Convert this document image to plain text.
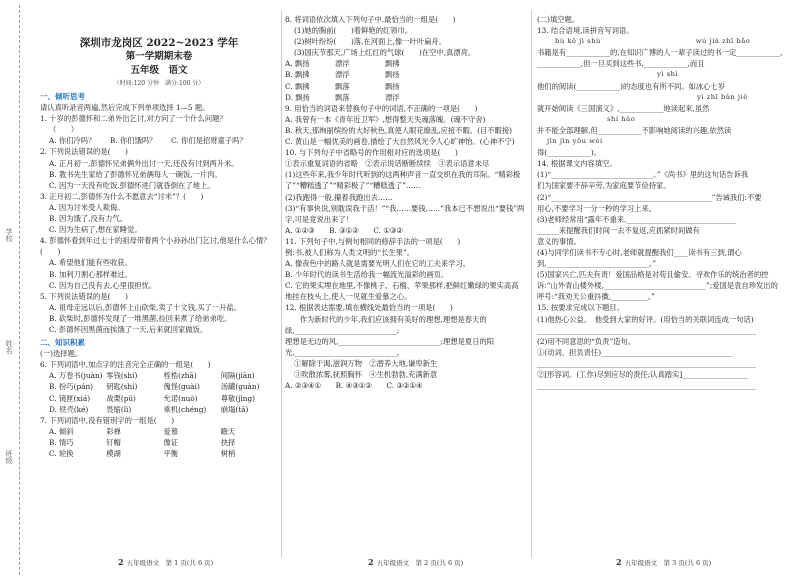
学校
姓名
班级
深圳市龙岗区 2022~2023 学年
第一学期期末卷
五年级　语文
（时间:120 分钟　满分:100 分）
一、倾听思考
请认真听录音两遍,然后完成下列单项选择 1—5 题。
1. 十岁的彭德怀和二弟外出乞讨,对方问了一个什么问题？
（　　）
A. 你们冷吗？　　B. 你们饿吗？　　C. 你们是招财童子吗？
2. 下列说法错误的是(　　)
A. 正月初一,彭德怀兄弟俩外出讨一天,还没有讨到两升米。
B. 教书先生家给了彭德怀兄弟俩每人一碗饭,一片肉。
C. 因为一天没有吃饭,彭德怀进门就昏倒在了地上。
3. 正月初二,彭德怀为什么不愿意去“讨米”？(　　)
A. 因为讨米受人欺侮。
B. 因为饿了,没有力气。
C. 因为生病了,想在家睡觉。
4. 彭德怀看到年过七十的祖母带着两个小孙孙出门乞讨,他是什么心情？(　　)
A. 希望他们能有些收获。
B. 加利刀割心那样难过。
C. 因为自己没有去,心里很担忧。
5. 下列说法错误的是(　　)
A. 祖母走远以后,彭德怀上山砍柴,卖了十文钱,买了一升盐。
B. 砍柴时,彭德怀发现了一堆黑菌,捡回来煮了给弟弟吃。
C. 彭德怀因黑菌而挨饿了一天,后来就回家做饭。
二、知识积累
(一)选择题。
6. 下列词语中,加点字的注音完全正确的一组是(　　)
A. 万卷书(juàn) 零钱(shí)	桎梏(zhā)	间隔(jiān)
B. 扮巧(pán)	钥匙(shi)	傀怪(guài)	汤罐(guàn)
C. 镜匣(xiá)	战栗(pǔ)	允诺(nuò)	尊敬(jìng)
D. 铁壳(ké)	畏缩(lì)	乘机(chéng)	崩塌(tā)
7. 下列词语中,没有错别字的一组是(　　)
A. 倾斜	彩禅	爱慕	瞻天
B. 情巧	钉帽	像证	抉择
C. 轮换	模湖	平衡	树梢
2 五年级语文　第 1 页(共 6 页)
8. 将词语依次填入下列句子中,最恰当的一组是(　　)
(1)她的胸前(　　)着鲜艳的红领巾。
(2)树叶纷纷(　　)落,在河面上,像一叶叶扁舟。
(3)国庆节那天,广场上红红的气球(　　)在空中,真漂亮。
A. 飘扬	漂浮	飘拂
B. 飘拂	漂浮	飘扬
C. 飘拂	飘落	飘扬
D. 飘扬	飘落	漂浮
9. 用恰当的词语来替换句子中的词语,不正确的一项是(　　)
A. 我曾有一本《青年近卫军》,想得整天失魂落魄。(魂不守舍)
B. 秋天,那绚丽缤纷的大好秋色,真使人眼花缭乱,应接不暇。(目不暇接)
C. 黄山是一幅优美的画卷,描绘了大自然风光令人心旷神怡。(心神不宁)
10. 与下列句子中省略号的作用相对应的选项是(　　)
①表示重复词语的省略　②表示说话断断续续　③表示语意未尽
(1)这些年来,我少年时代听到的这两种声音一直交织在我的耳际。“精彩极了”“糟糕透了”“精彩极了”“糟糕透了”……
(2)我跑得一般,攥着我跑出去……
(3)“有事快说,别耽误我干活！”“我……要钱……”我本已不想说出“要钱”两字,可是竟说出来了！
A. ①②③　　B. ③①②　　C. ①③②
11. 下列句子中,与例句相同的修辞手法的一项是(　　)
例:书,被人们称为人类文明的“长生果”。
A. 像夜色中的路人就是需要光明人们在它的工夫来学习。
B. 少年时代的读书生活给我一幅流光溢彩的画页。
C. 它的果实埋在地里,不像桃子、石榴、苹果那样,把鲜红嫩绿的果实高高地挂在枝头上,使人一见就生爱慕之心。
12. 根据表达需要,填在横线处最恰当的一项是(　　)
　　作为新时代的少年,我们应该拥有美好的理想,理想是春天的绿,____________________________;
理想是无边的风,____________________________;理想是夏日的阳光,____________________________。
①解除干渴,滋润万物　②潜养大地,谦卑新生
③吹散浓雾,抚照胸怀　④生机勃勃,充满新意
A. ②③④①　　B. ④③①②　　C. ③②①④
2 五年级语文　第 2 页(共 6 页)
(二)填空题。
13. 结合语境,读拼音写词语。
bù kě jì shù　　　　　　　　　　　　　wú jià zhī bǎo
书籍是有____________的,在知识广博的人一辈子读过的书一定____________,
____________,但一旦买到这些书,____________,而且
yì shì
他们的阅读(____________)的态度也有所不同。如冰心七岁
yì zhī bàn jiě
就开始阅读《三国演义》,____________地读起来,虽然
shí hào
并不能全部理解,但____________不影响她阅读的兴趣,依然读
jīn jīn yǒu wèi
得(____________)。
14. 根据课文内容填空。
(1)“____________________________。”《尚书》里的这句话告诉我
们为国家要不辞辛劳,为家庭要节俭持家。
(2)“____________________________________________”告诫我们:不要
用心,不要学习一分一秒的学习上来。
(3)老师经常用“露年不重来,______________________________
______来提醒我们时间一去不复返,应抓紧时间做有
意义的事情。
(4)与同学们读书不专心时,老师就提醒我们____读书有三到,谓心到,____________________________。”
(5)国家兴亡,匹夫有责！爱国品格是对苟且偷安、寻欢作乐的统治者的控诉:“山外青山楼外楼,____________________________”;爱国是袁自珍发出的呼号:“我劝天公重抖擞,__________。”
15. 按要求完成以下题目。
(1)他热心公益。　他受到大家的好评。(用恰当的关联词连成一句话)
____________________________________________________________
(2)用不同意思的“负责”造句。
①(动词、担负责任)____________________________________
____________________________________________________________
②[形容词。(工作)尽到应尽的责任;认真踏实]__________________
____________________________________________________________
2 五年级语文　第 3 页(共 6 页)
